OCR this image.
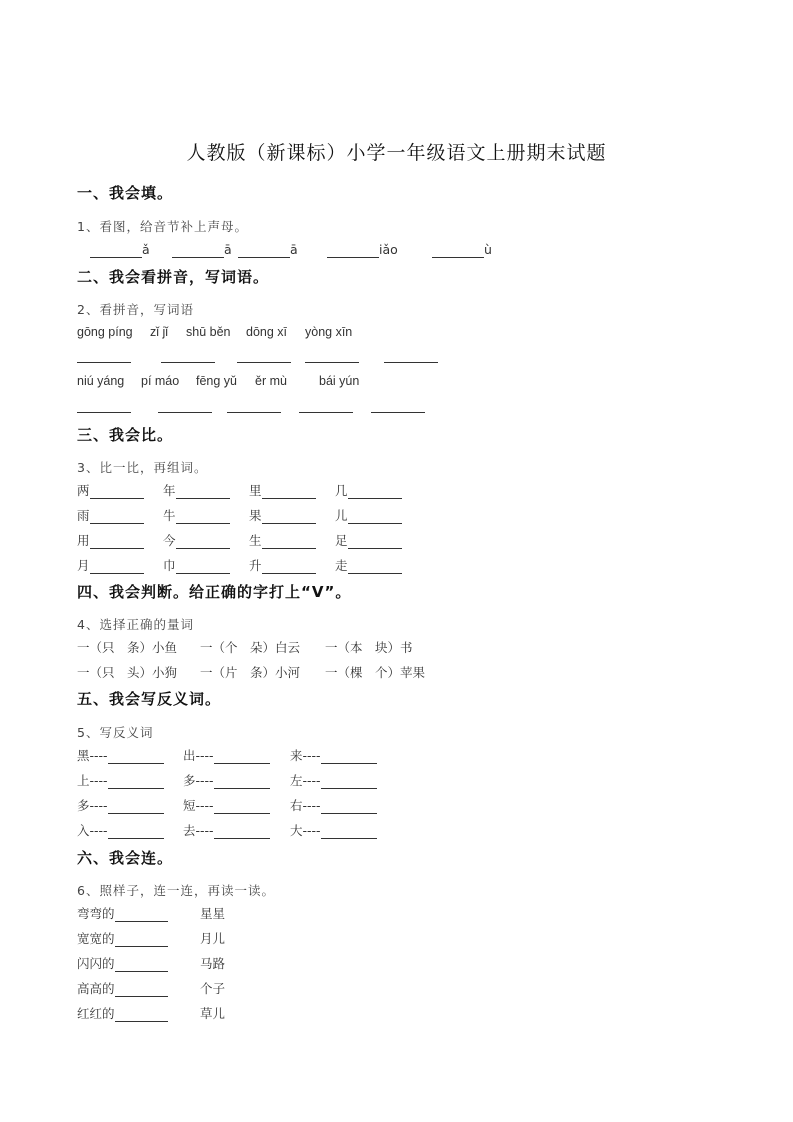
人教版（新课标）小学一年级语文上册期末试题
一、我会填。
1、看图，给音节补上声母。
ǎ	ā	ā	iǎo	ù
二、我会看拼音，写词语。
2、看拼音，写词语
gōng píng zǐ jǐ shū běn dōng xī yòng xīn
niú yáng pí máo fēng yǔ ěr mù	bái yún
三、我会比。
3、比一比，再组词。
四、我会判断。给正确的字打上“V”。
4、选择正确的量词
一（只　条）小鱼 一（个　朵）白云 一（本　块）书
一（只　头）小狗 一（片　条）小河 一（棵　个）苹果
五、我会写反义词。
5、写反义词
六、我会连。
6、照样子，连一连，再读一读。
两	年	里	几
雨	牛	果	儿
用	今	生	足
月	巾	升	走
黑----	出----	来----
上----	多----	左----
多----	短----	右----
入----	去----	大----
弯弯的	星星
宽宽的	月儿
闪闪的	马路
高高的	个子
红红的	草儿
